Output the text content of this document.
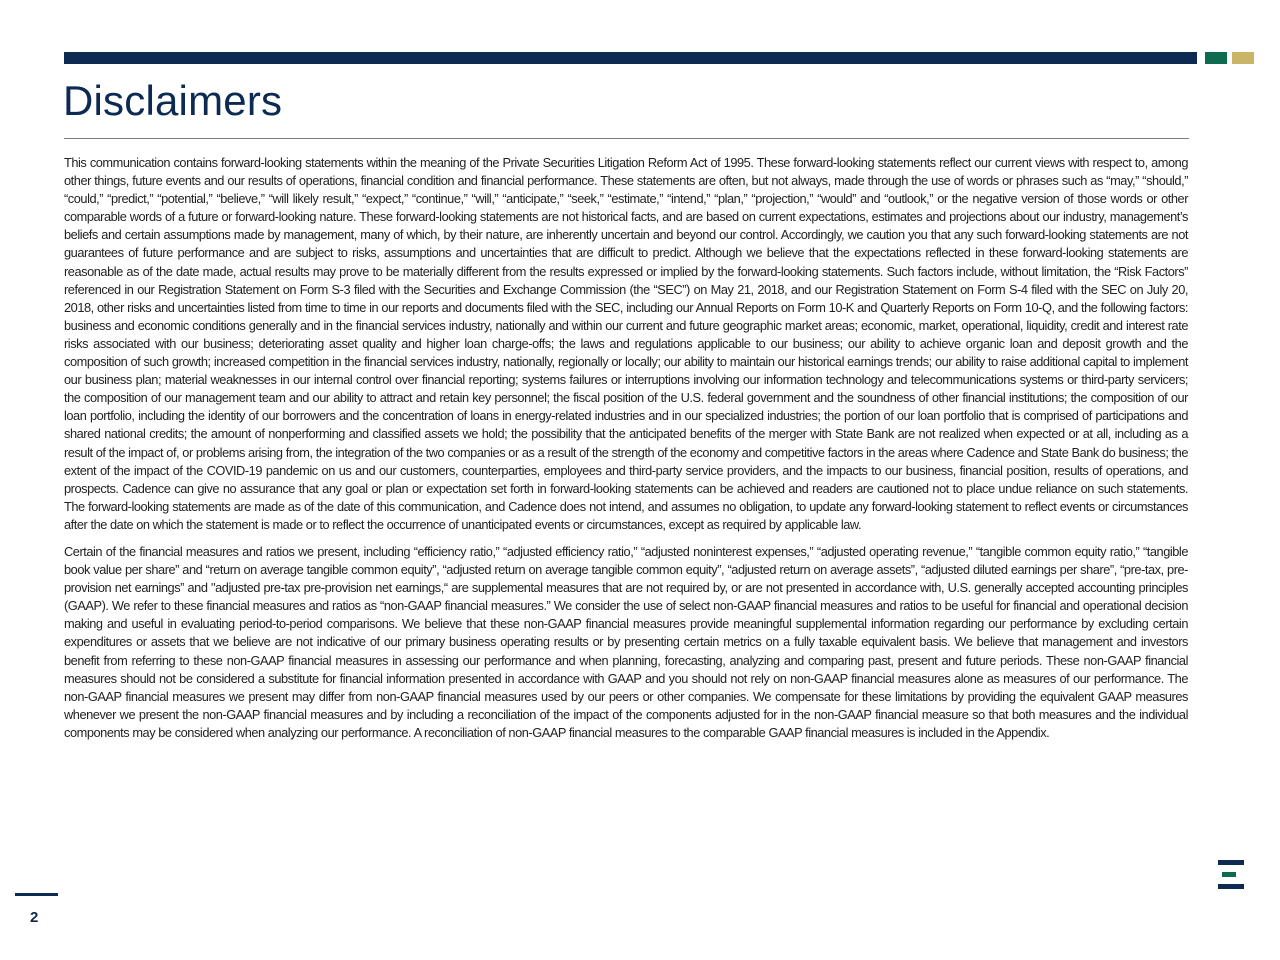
Disclaimers

This communication contains forward-looking statements within the meaning of the Private Securities Litigation Reform Act of 1995. These forward-looking statements reflect our current views with respect to, among other things, future events and our results of operations, financial condition and financial performance. These statements are often, but not always, made through the use of words or phrases such as “may,” “should,” “could,” “predict,” “potential,” “believe,” “will likely result,” “expect,” “continue,” “will,” “anticipate,” “seek,” “estimate,” “intend,” “plan,” “projection,” “would” and “outlook,” or the negative version of those words or other comparable words of a future or forward-looking nature. These forward-looking statements are not historical facts, and are based on current expectations, estimates and projections about our industry, management’s beliefs and certain assumptions made by management, many of which, by their nature, are inherently uncertain and beyond our control. Accordingly, we caution you that any such forward-looking statements are not guarantees of future performance and are subject to risks, assumptions and uncertainties that are difficult to predict. Although we believe that the expectations reflected in these forward-looking statements are reasonable as of the date made, actual results may prove to be materially different from the results expressed or implied by the forward-looking statements. Such factors include, without limitation, the “Risk Factors” referenced in our Registration Statement on Form S-3 filed with the Securities and Exchange Commission (the “SEC”) on May 21, 2018, and our Registration Statement on Form S-4 filed with the SEC on July 20, 2018, other risks and uncertainties listed from time to time in our reports and documents filed with the SEC, including our Annual Reports on Form 10-K and Quarterly Reports on Form 10-Q, and the following factors: business and economic conditions generally and in the financial services industry, nationally and within our current and future geographic market areas; economic, market, operational, liquidity, credit and interest rate risks associated with our business; deteriorating asset quality and higher loan charge-offs; the laws and regulations applicable to our business; our ability to achieve organic loan and deposit growth and the composition of such growth; increased competition in the financial services industry, nationally, regionally or locally; our ability to maintain our historical earnings trends; our ability to raise additional capital to implement our business plan; material weaknesses in our internal control over financial reporting; systems failures or interruptions involving our information technology and telecommunications systems or third-party servicers; the composition of our management team and our ability to attract and retain key personnel; the fiscal position of the U.S. federal government and the soundness of other financial institutions; the composition of our loan portfolio, including the identity of our borrowers and the concentration of loans in energy-related industries and in our specialized industries; the portion of our loan portfolio that is comprised of participations and shared national credits; the amount of nonperforming and classified assets we hold; the possibility that the anticipated benefits of the merger with State Bank are not realized when expected or at all, including as a result of the impact of, or problems arising from, the integration of the two companies or as a result of the strength of the economy and competitive factors in the areas where Cadence and State Bank do business; the extent of the impact of the COVID-19 pandemic on us and our customers, counterparties, employees and third-party service providers, and the impacts to our business, financial position, results of operations, and prospects. Cadence can give no assurance that any goal or plan or expectation set forth in forward-looking statements can be achieved and readers are cautioned not to place undue reliance on such statements. The forward-looking statements are made as of the date of this communication, and Cadence does not intend, and assumes no obligation, to update any forward-looking statement to reflect events or circumstances after the date on which the statement is made or to reflect the occurrence of unanticipated events or circumstances, except as required by applicable law.

Certain of the financial measures and ratios we present, including “efficiency ratio,” “adjusted efficiency ratio,” “adjusted noninterest expenses,” “adjusted operating revenue,” “tangible common equity ratio,” “tangible book value per share” and “return on average tangible common equity”, “adjusted return on average tangible common equity”, “adjusted return on average assets”, “adjusted diluted earnings per share”, “pre-tax, pre-provision net earnings” and "adjusted pre-tax pre-provision net earnings,“ are supplemental measures that are not required by, or are not presented in accordance with, U.S. generally accepted accounting principles (GAAP). We refer to these financial measures and ratios as “non-GAAP financial measures.” We consider the use of select non-GAAP financial measures and ratios to be useful for financial and operational decision making and useful in evaluating period-to-period comparisons. We believe that these non-GAAP financial measures provide meaningful supplemental information regarding our performance by excluding certain expenditures or assets that we believe are not indicative of our primary business operating results or by presenting certain metrics on a fully taxable equivalent basis. We believe that management and investors benefit from referring to these non-GAAP financial measures in assessing our performance and when planning, forecasting, analyzing and comparing past, present and future periods. These non-GAAP financial measures should not be considered a substitute for financial information presented in accordance with GAAP and you should not rely on non-GAAP financial measures alone as measures of our performance. The non-GAAP financial measures we present may differ from non-GAAP financial measures used by our peers or other companies. We compensate for these limitations by providing the equivalent GAAP measures whenever we present the non-GAAP financial measures and by including a reconciliation of the impact of the components adjusted for in the non-GAAP financial measure so that both measures and the individual components may be considered when analyzing our performance. A reconciliation of non-GAAP financial measures to the comparable GAAP financial measures is included in the Appendix.

2
